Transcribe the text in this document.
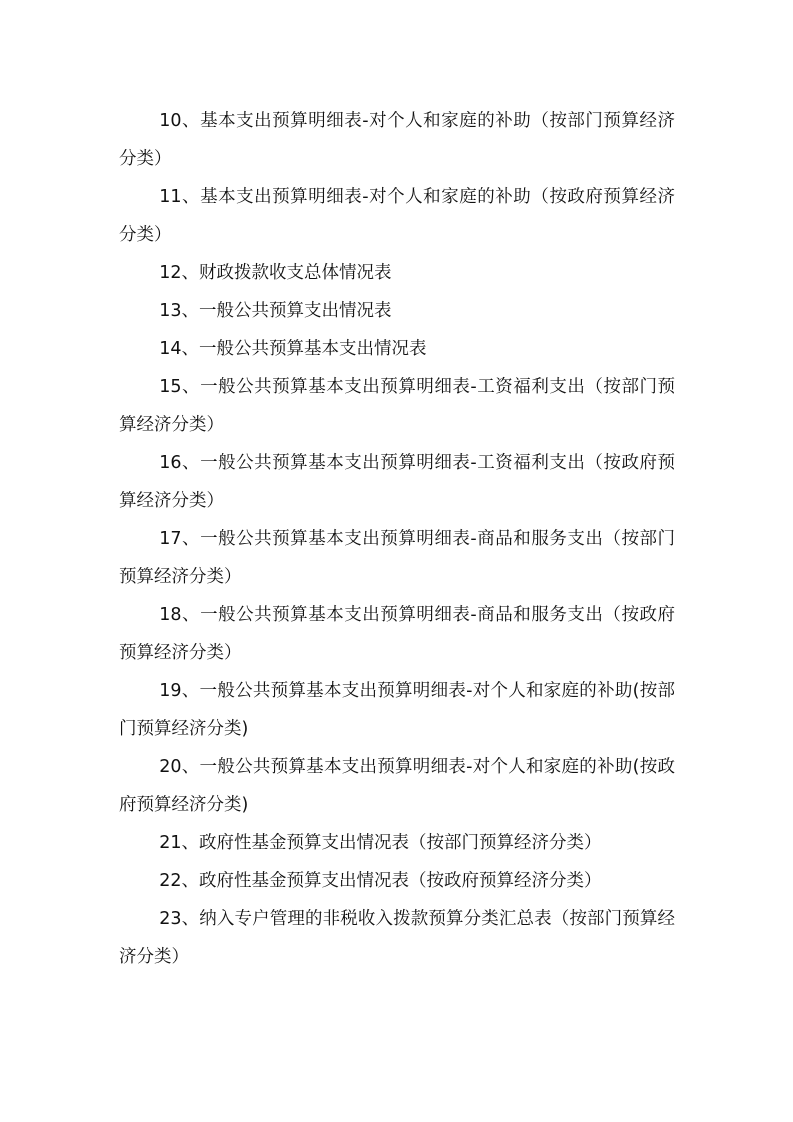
10、基本支出预算明细表-对个人和家庭的补助（按部门预算经济分类）

11、基本支出预算明细表-对个人和家庭的补助（按政府预算经济分类）

12、财政拨款收支总体情况表

13、一般公共预算支出情况表

14、一般公共预算基本支出情况表

15、一般公共预算基本支出预算明细表-工资福利支出（按部门预算经济分类）

16、一般公共预算基本支出预算明细表-工资福利支出（按政府预算经济分类）

17、一般公共预算基本支出预算明细表-商品和服务支出（按部门预算经济分类）

18、一般公共预算基本支出预算明细表-商品和服务支出（按政府预算经济分类）

19、一般公共预算基本支出预算明细表-对个人和家庭的补助(按部门预算经济分类)

20、一般公共预算基本支出预算明细表-对个人和家庭的补助(按政府预算经济分类)

21、政府性基金预算支出情况表（按部门预算经济分类）

22、政府性基金预算支出情况表（按政府预算经济分类）

23、纳入专户管理的非税收入拨款预算分类汇总表（按部门预算经济分类）
